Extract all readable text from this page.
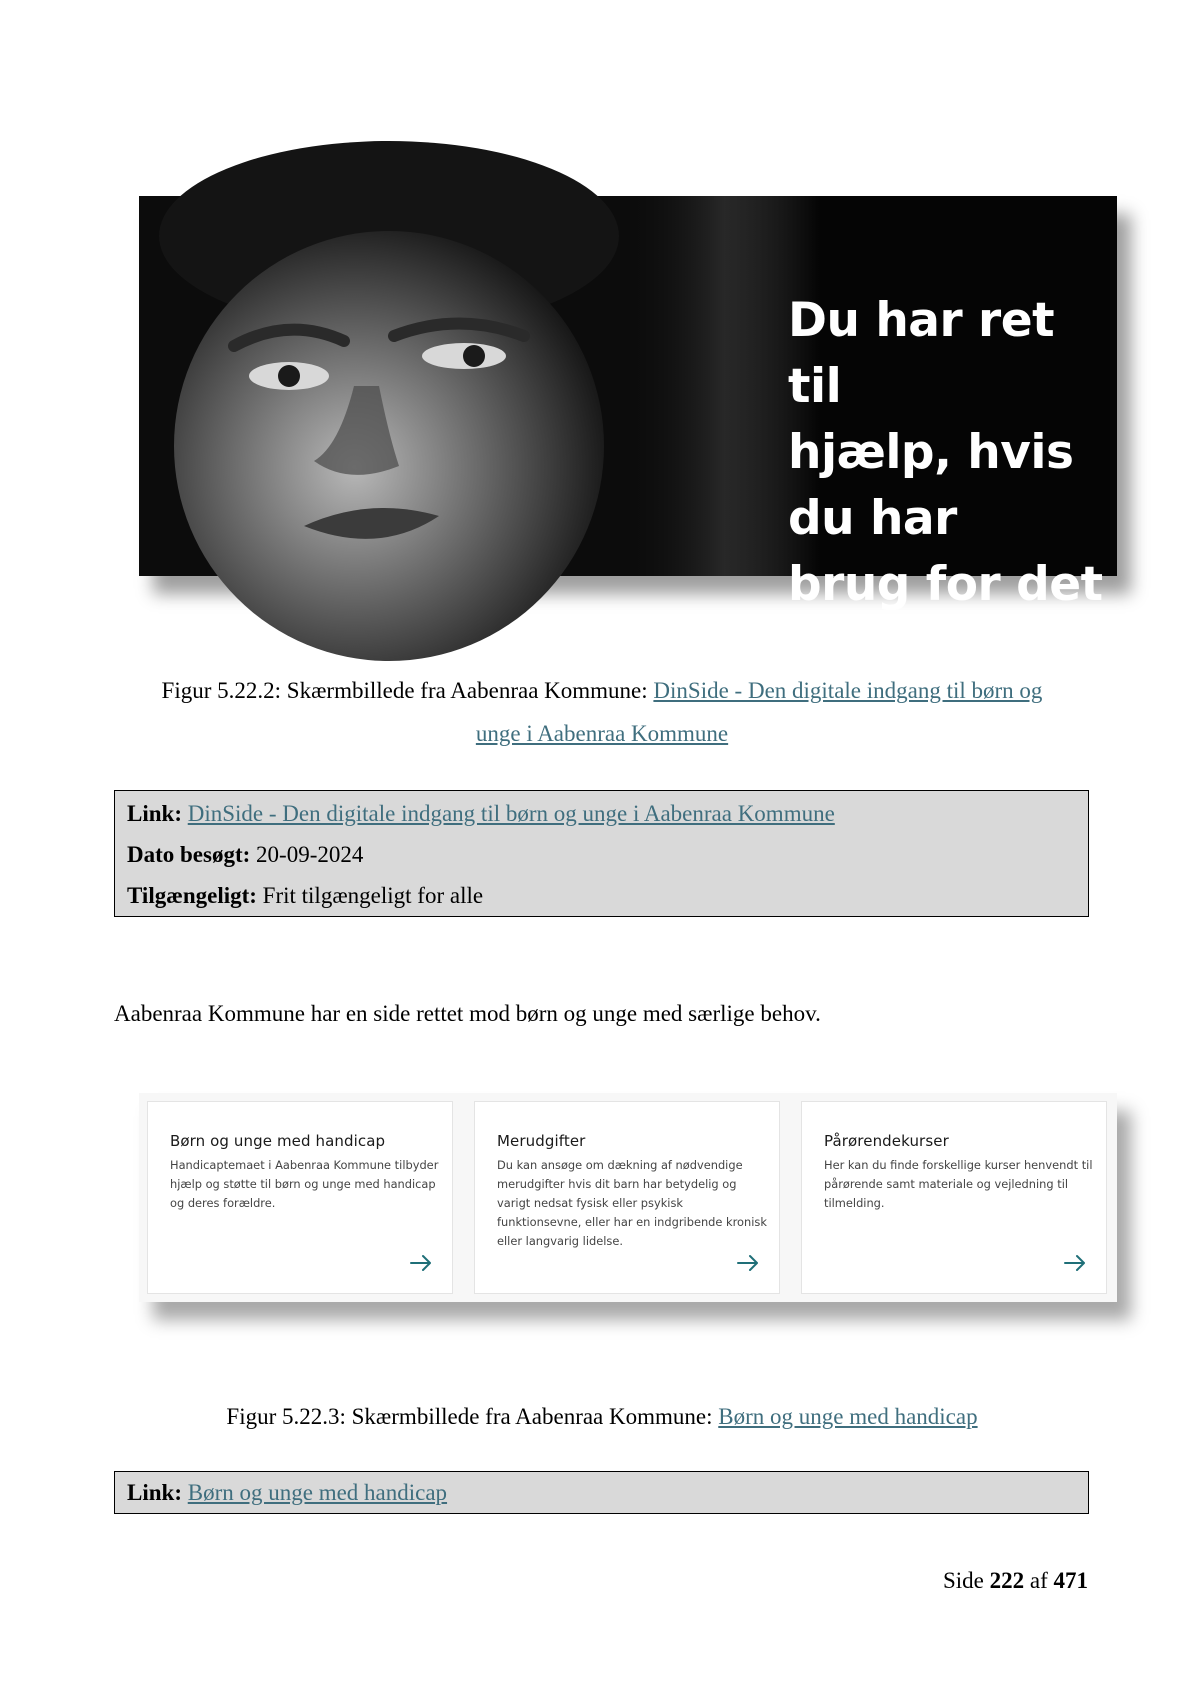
Du har ret til
hjælp, hvis du har
brug for det
Figur 5.22.2: Skærmbillede fra Aabenraa Kommune: DinSide - Den digitale indgang til børn og
unge i Aabenraa Kommune
Link: DinSide - Den digitale indgang til børn og unge i Aabenraa Kommune
Dato besøgt: 20-09-2024
Tilgængeligt: Frit tilgængeligt for alle
Aabenraa Kommune har en side rettet mod børn og unge med særlige behov.
Børn og unge med handicap
Handicaptemaet i Aabenraa Kommune tilbyder hjælp og støtte til børn og unge med handicap og deres forældre.
Merudgifter
Du kan ansøge om dækning af nødvendige merudgifter hvis dit barn har betydelig og varigt nedsat fysisk eller psykisk funktionsevne, eller har en indgribende kronisk eller langvarig lidelse.
Pårørendekurser
Her kan du finde forskellige kurser henvendt til pårørende samt materiale og vejledning til tilmelding.
Figur 5.22.3: Skærmbillede fra Aabenraa Kommune: Børn og unge med handicap
Link: Børn og unge med handicap
Side 222 af 471
